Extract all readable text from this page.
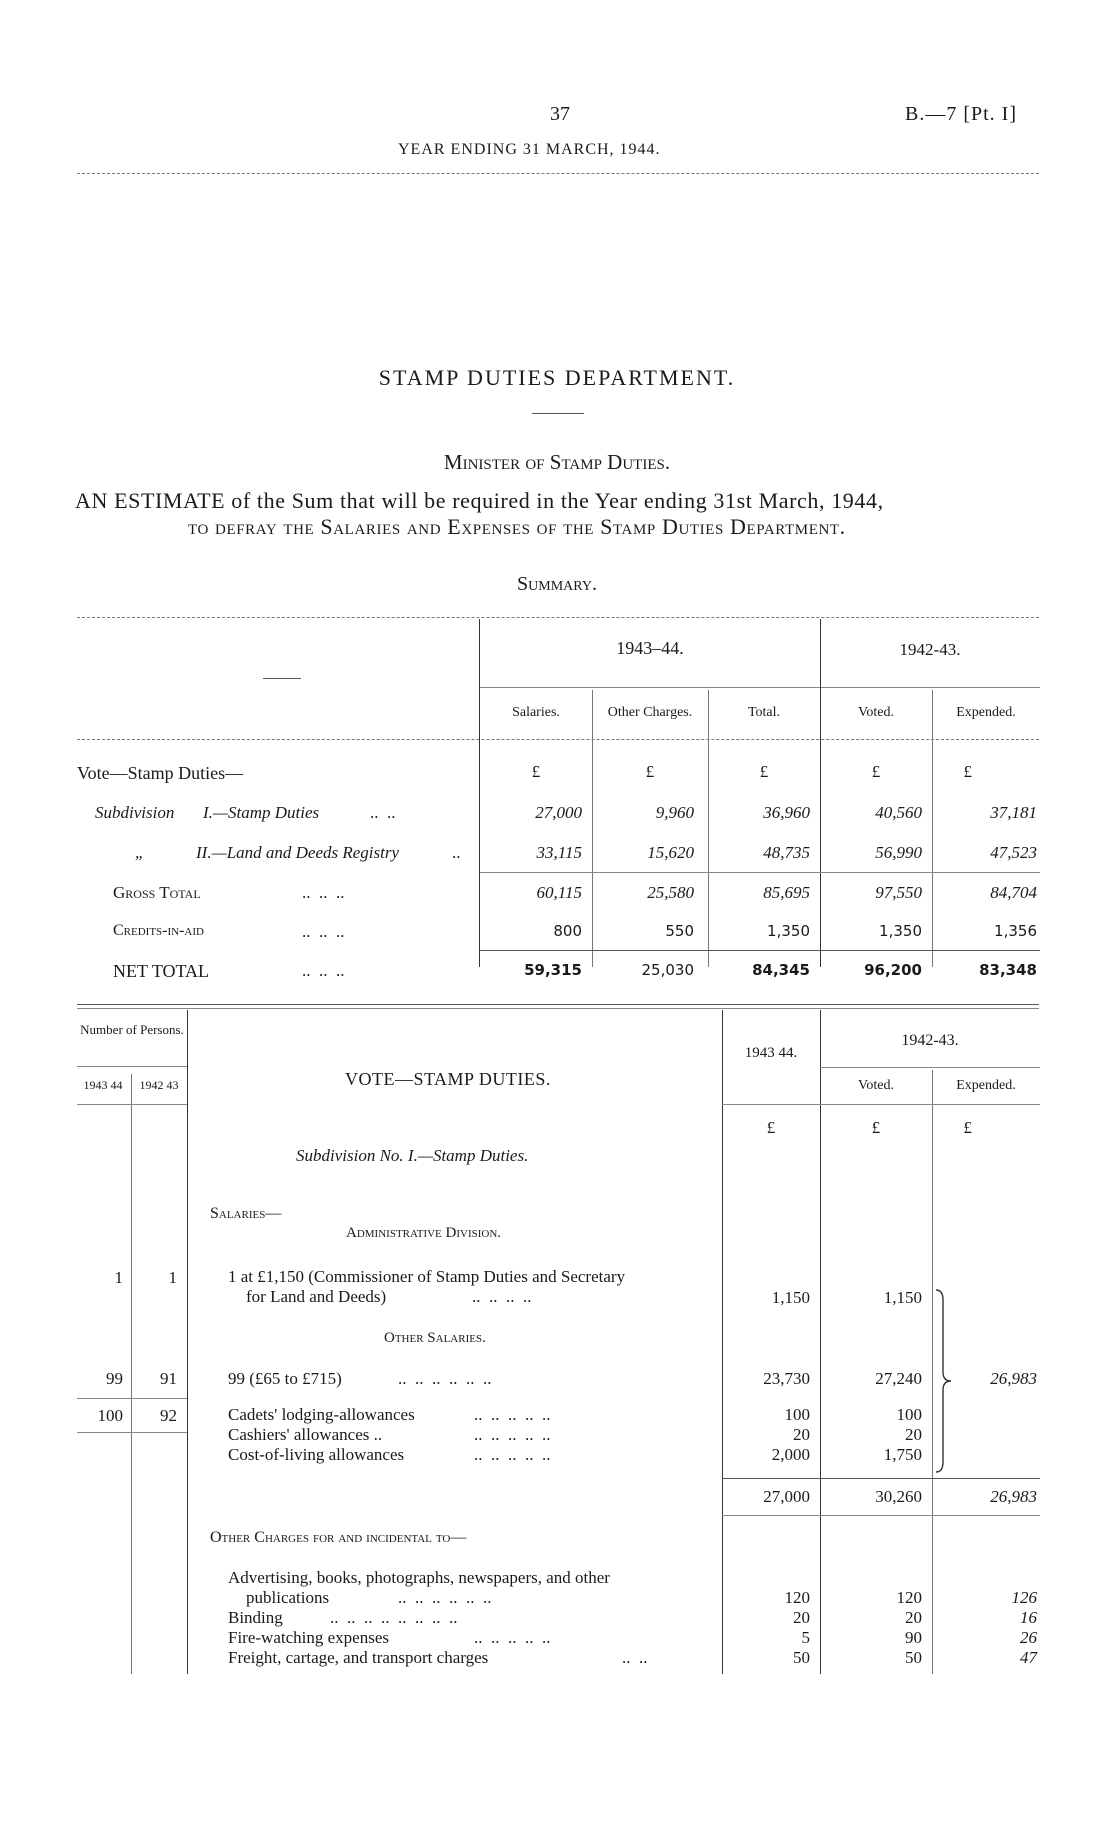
37	B.—7 [Pt. I]
YEAR ENDING 31 MARCH, 1944.
STAMP DUTIES DEPARTMENT.
Minister of Stamp Duties.
AN ESTIMATE of the Sum that will be required in the Year ending 31st March, 1944,
to defray the Salaries and Expenses of the Stamp Duties Department.
Summary.
1943–44.	1942-43.
Salaries.	Other Charges.	Total.	Voted.	Expended.
Vote—Stamp Duties—	£	£	£	£	£
Subdivision I.—Stamp Duties	..  ..	27,000	9,960	36,960	40,560	37,181
„	II.—Land and Deeds Registry	..	33,115	15,620	48,735	56,990	47,523
Gross Total	..  ..  ..	60,115	25,580	85,695	97,550	84,704
Credits-in-aid	..  ..  ..	800	550	1,350	1,350	1,356
NET TOTAL	..  ..  ..	59,315	25,030	84,345	96,200	83,348
Number of Persons.
1943 44	1942 43	VOTE—STAMP DUTIES.
1943 44.
1942-43.
Voted.	Expended.
£	£	£
Subdivision No. I.—Stamp Duties.
Salaries—
Administrative Division.
1	1	1 at £1,150 (Commissioner of Stamp Duties and Secretary
for Land and Deeds)	..  ..  ..  ..	1,150	1,150
Other Salaries.
99	91	99 (£65 to £715)	..  ..  ..  ..  ..  ..	23,730	27,240	26,983
100	92	Cadets' lodging-allowances	..  ..  ..  ..  ..	100	100
Cashiers' allowances ..	..  ..  ..  ..  ..	20	20
Cost-of-living allowances	..  ..  ..  ..  ..	2,000	1,750
27,000	30,260	26,983
Other Charges for and incidental to—
Advertising, books, photographs, newspapers, and other
publications	..  ..  ..  ..  ..  ..	120	120	126
Binding	..  ..  ..  ..  ..  ..  ..  ..	20	20	16
Fire-watching expenses	..  ..  ..  ..  ..	5	90	26
Freight, cartage, and transport charges	..  ..	50	50	47
